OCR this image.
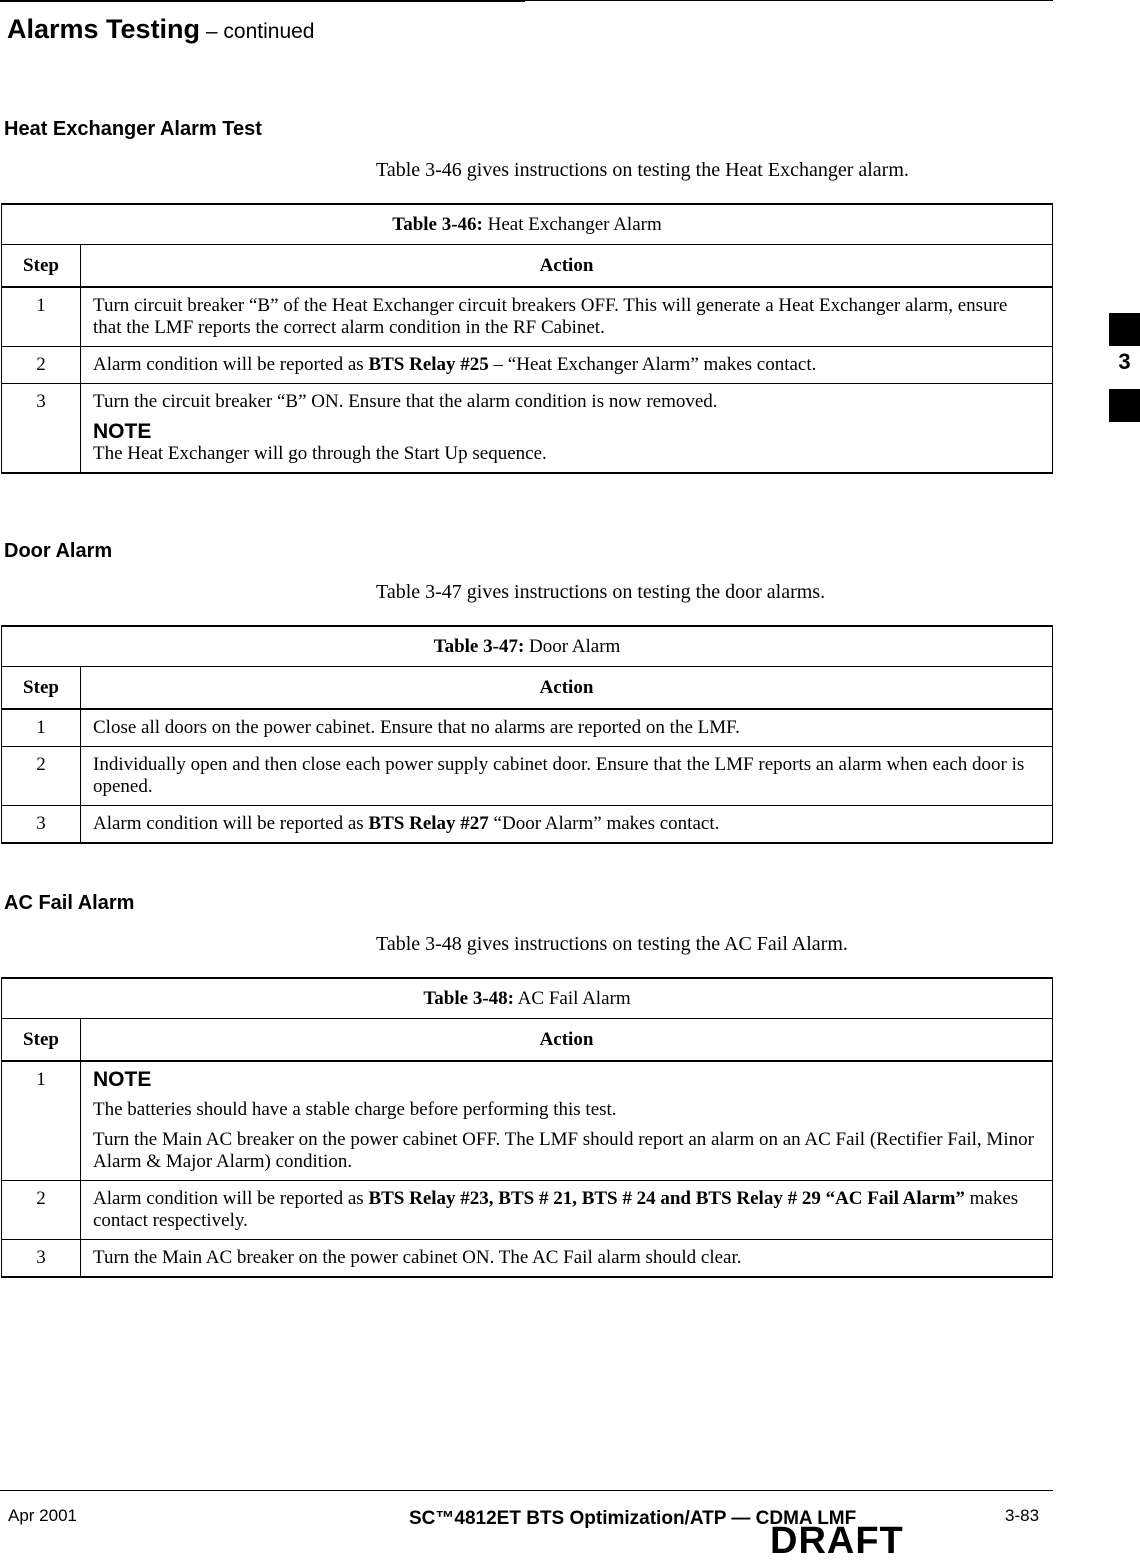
Alarms Testing – continued
Heat Exchanger Alarm Test
Table 3-46 gives instructions on testing the Heat Exchanger alarm.
Table 3-46: Heat Exchanger Alarm	
Step	Action
1	Turn circuit breaker “B” of the Heat Exchanger circuit breakers OFF. This will generate a Heat Exchanger alarm, ensure that the LMF reports the correct alarm condition in the RF Cabinet.
2	Alarm condition will be reported as BTS Relay #25 – “Heat Exchanger Alarm” makes contact.
3	Turn the circuit breaker “B” ON. Ensure that the alarm condition is now removed.
NOTE
The Heat Exchanger will go through the Start Up sequence.
Door Alarm
Table 3-47 gives instructions on testing the door alarms.
Table 3-47: Door Alarm	
Step	Action
1	Close all doors on the power cabinet. Ensure that no alarms are reported on the LMF.
2	Individually open and then close each power supply cabinet door. Ensure that the LMF reports an alarm when each door is opened.
3	Alarm condition will be reported as BTS Relay #27 “Door Alarm” makes contact.
AC Fail Alarm
Table 3-48 gives instructions on testing the AC Fail Alarm.
Table 3-48: AC Fail Alarm	
Step	Action
1	NOTE
The batteries should have a stable charge before performing this test.
Turn the Main AC breaker on the power cabinet OFF. The LMF should report an alarm on an AC Fail (Rectifier Fail, Minor Alarm & Major Alarm) condition.

2	Alarm condition will be reported as BTS Relay #23, BTS # 21, BTS # 24 and BTS Relay # 29 “AC Fail Alarm” makes contact respectively.
3	Turn the Main AC breaker on the power cabinet ON. The AC Fail alarm should clear.
3
Apr 2001	SC™4812ET BTS Optimization/ATP — CDMA LMF	3-83
DRAFT
